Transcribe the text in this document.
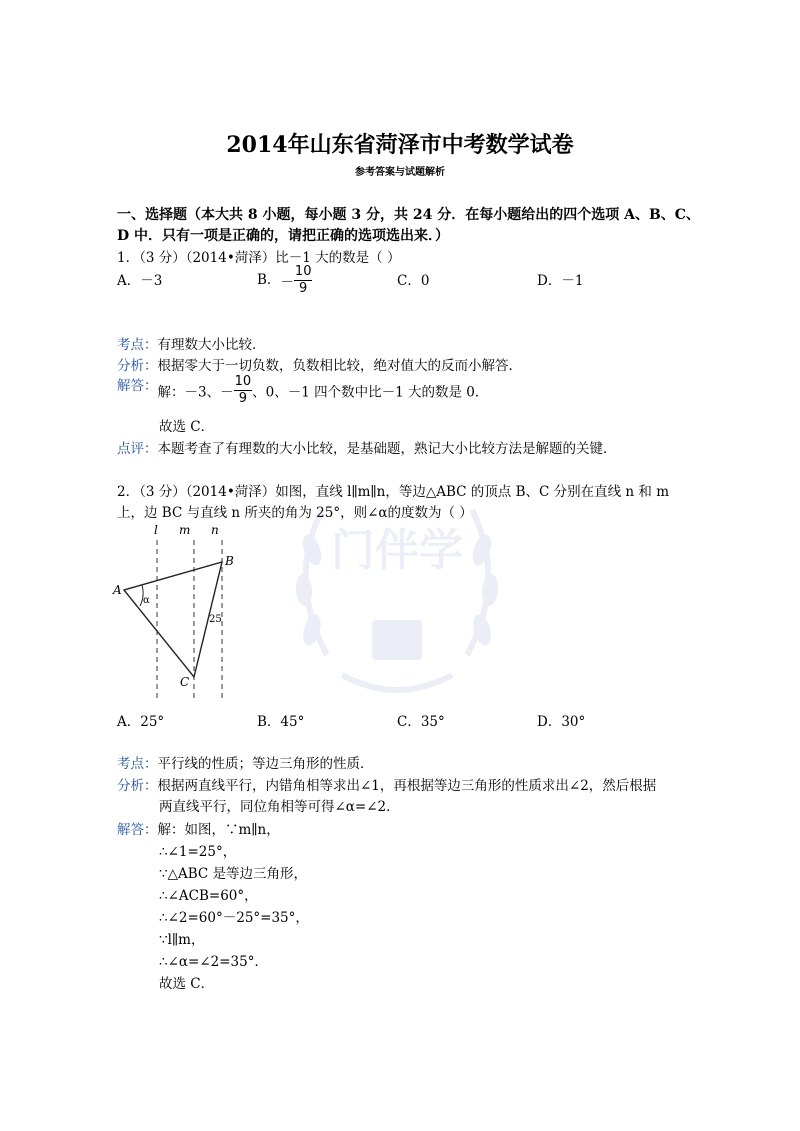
门伴学
2014年山东省菏泽市中考数学试卷
参考答案与试题解析
一、选择题（本大共 8 小题，每小题 3 分，共 24 分．在每小题给出的四个选项 A、B、C、
D 中．只有一项是正确的，请把正确的选项选出来．）
1．（3 分）（2014•菏泽）比－1 大的数是（ ）
A．－3	B．－ $\frac{10}{9}$	C．0	D．－1
考点：有理数大小比较．
分析：根据零大于一切负数，负数相比较，绝对值大的反而小解答．
$^{解答:}$解：－3、－ $\frac{10}{9}$ 、0、－1 四个数中比－1 大的数是 0．
故选 C．
点评：本题考查了有理数的大小比较，是基础题，熟记大小比较方法是解题的关键．
2．（3 分）（2014•菏泽）如图，直线 l∥m∥n，等边△ABC 的顶点 B、C 分别在直线 n 和 m
上，边 BC 与直线 n 所夹的角为 25°，则∠α的度数为（ ）
l m n
A
B
C
α
25
A．25°	B．45°	C．35°	D．30°
考点：平行线的性质；等边三角形的性质．
分析：根据两直线平行，内错角相等求出∠1，再根据等边三角形的性质求出∠2，然后根据
两直线平行，同位角相等可得∠α=∠2．
解答：解：如图，∵m∥n，
∴∠1=25°，
∵△ABC 是等边三角形，
∴∠ACB=60°，
∴∠2=60°－25°=35°，
∵l∥m，
∴∠α=∠2=35°．
故选 C．
